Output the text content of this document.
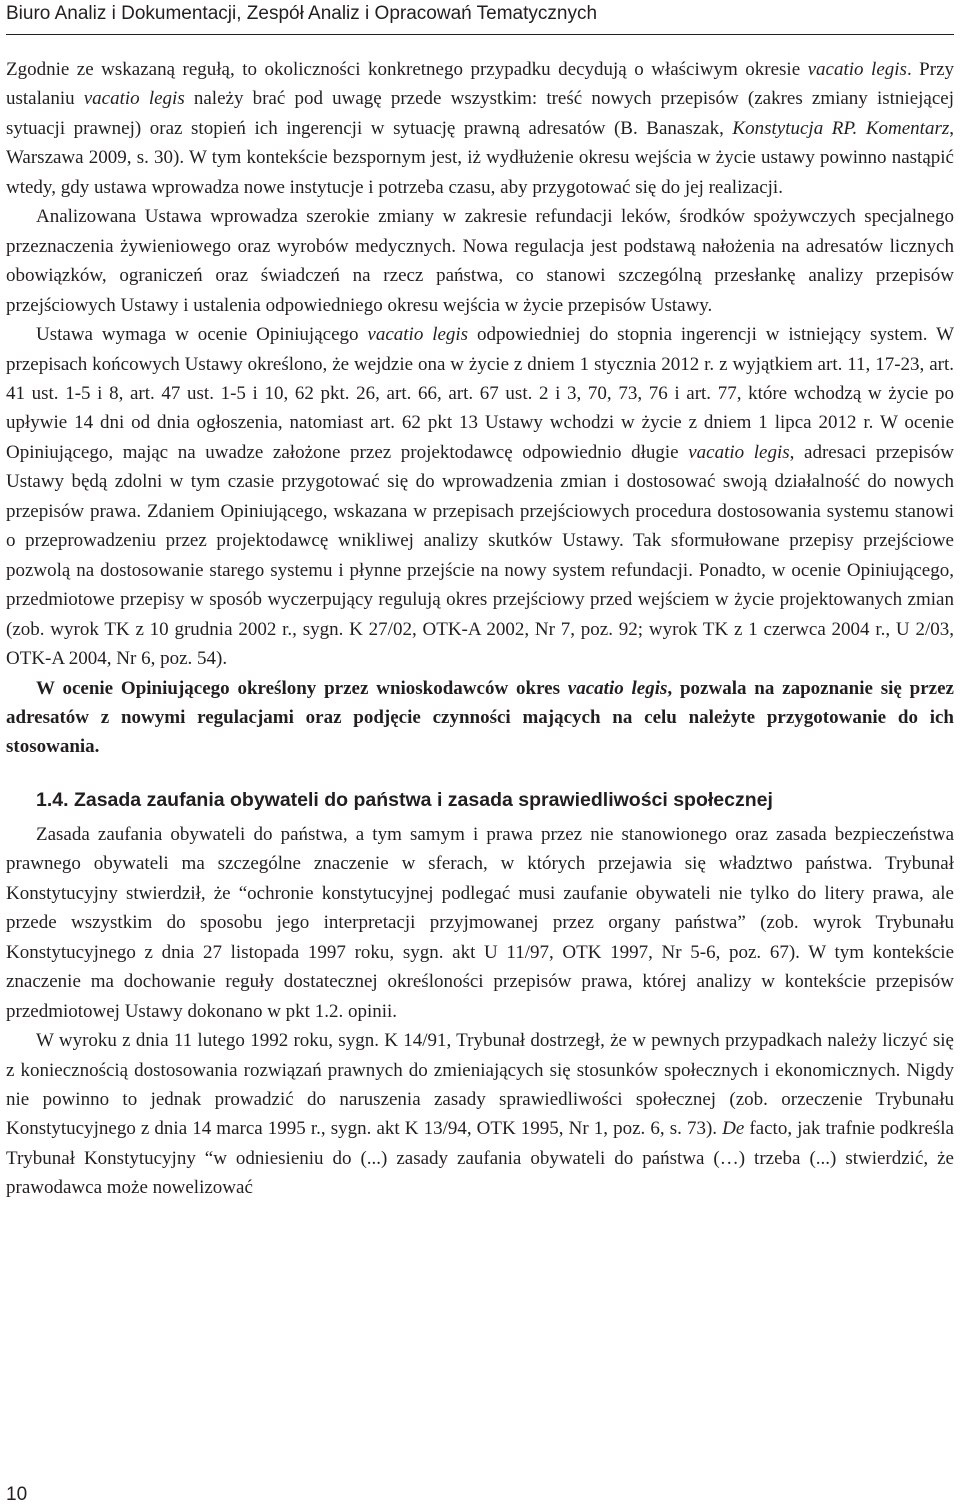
Biuro Analiz i Dokumentacji, Zespół Analiz i Opracowań Tematycznych

Zgodnie ze wskazaną regułą, to okoliczności konkretnego przypadku decydują o właściwym okresie vacatio legis. Przy ustalaniu vacatio legis należy brać pod uwagę przede wszystkim: treść nowych przepisów (zakres zmiany istniejącej sytuacji prawnej) oraz stopień ich ingerencji w sytuację prawną adresatów (B. Banaszak, Konstytucja RP. Komentarz, Warszawa 2009, s. 30). W tym kontekście bezspornym jest, iż wydłużenie okresu wejścia w życie ustawy powinno nastąpić wtedy, gdy ustawa wprowadza nowe instytucje i potrzeba czasu, aby przygotować się do jej realizacji.

Analizowana Ustawa wprowadza szerokie zmiany w zakresie refundacji leków, środków spożywczych specjalnego przeznaczenia żywieniowego oraz wyrobów medycznych. Nowa regulacja jest podstawą nałożenia na adresatów licznych obowiązków, ograniczeń oraz świadczeń na rzecz państwa, co stanowi szczególną przesłankę analizy przepisów przejściowych Ustawy i ustalenia odpowiedniego okresu wejścia w życie przepisów Ustawy.

Ustawa wymaga w ocenie Opiniującego vacatio legis odpowiedniej do stopnia ingerencji w istniejący system. W przepisach końcowych Ustawy określono, że wejdzie ona w życie z dniem 1 stycznia 2012 r. z wyjątkiem art. 11, 17-23, art. 41 ust. 1-5 i 8, art. 47 ust. 1-5 i 10, 62 pkt. 26, art. 66, art. 67 ust. 2 i 3, 70, 73, 76 i art. 77, które wchodzą w życie po upływie 14 dni od dnia ogłoszenia, natomiast art. 62 pkt 13 Ustawy wchodzi w życie z dniem 1 lipca 2012 r. W ocenie Opiniującego, mając na uwadze założone przez projektodawcę odpowiednio długie vacatio legis, adresaci przepisów Ustawy będą zdolni w tym czasie przygotować się do wprowadzenia zmian i dostosować swoją działalność do nowych przepisów prawa. Zdaniem Opiniującego, wskazana w przepisach przejściowych procedura dostosowania systemu stanowi o przeprowadzeniu przez projektodawcę wnikliwej analizy skutków Ustawy. Tak sformułowane przepisy przejściowe pozwolą na dostosowanie starego systemu i płynne przejście na nowy system refundacji. Ponadto, w ocenie Opiniującego, przedmiotowe przepisy w sposób wyczerpujący regulują okres przejściowy przed wejściem w życie projektowanych zmian (zob. wyrok TK z 10 grudnia 2002 r., sygn. K 27/02, OTK-A 2002, Nr 7, poz. 92; wyrok TK z 1 czerwca 2004 r., U 2/03, OTK-A 2004, Nr 6, poz. 54).

W ocenie Opiniującego określony przez wnioskodawców okres vacatio legis, pozwala na zapoznanie się przez adresatów z nowymi regulacjami oraz podjęcie czynności mających na celu należyte przygotowanie do ich stosowania.

1.4. Zasada zaufania obywateli do państwa i zasada sprawiedliwości społecznej

Zasada zaufania obywateli do państwa, a tym samym i prawa przez nie stanowionego oraz zasada bezpieczeństwa prawnego obywateli ma szczególne znaczenie w sferach, w których przejawia się władztwo państwa. Trybunał Konstytucyjny stwierdził, że “ochronie konstytucyjnej podlegać musi zaufanie obywateli nie tylko do litery prawa, ale przede wszystkim do sposobu jego interpretacji przyjmowanej przez organy państwa” (zob. wyrok Trybunału Konstytucyjnego z dnia 27 listopada 1997 roku, sygn. akt U 11/97, OTK 1997, Nr 5-6, poz. 67). W tym kontekście znaczenie ma dochowanie reguły dostatecznej określoności przepisów prawa, której analizy w kontekście przepisów przedmiotowej Ustawy dokonano w pkt 1.2. opinii.

W wyroku z dnia 11 lutego 1992 roku, sygn. K 14/91, Trybunał dostrzegł, że w pewnych przypadkach należy liczyć się z koniecznością dostosowania rozwiązań prawnych do zmieniających się stosunków społecznych i ekonomicznych. Nigdy nie powinno to jednak prowadzić do naruszenia zasady sprawiedliwości społecznej (zob. orzeczenie Trybunału Konstytucyjnego z dnia 14 marca 1995 r., sygn. akt K 13/94, OTK 1995, Nr 1, poz. 6, s. 73). De facto, jak trafnie podkreśla Trybunał Konstytucyjny “w odniesieniu do (...) zasady zaufania obywateli do państwa (…) trzeba (...) stwierdzić, że prawodawca może nowelizować

10
